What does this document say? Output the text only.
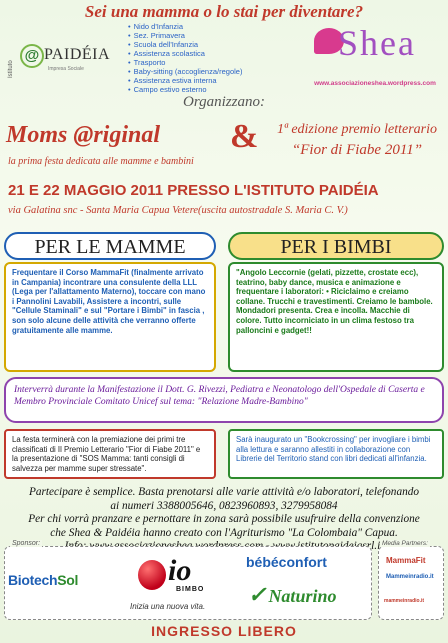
Sei una mamma o lo stai per diventare?
Istituto
@ PAIDÉIA
Impresa Sociale
• Nido d'Infanzia
• Sez. Primavera
• Scuola dell'Infanzia
• Assistenza scolastica
• Trasporto
• Baby-sitting (accoglienza/regole)
• Assistenza estiva interna
• Campo estivo esterno
Shea
www.associazioneshea.wordpress.com
Organizzano:
Moms @riginal
la prima festa dedicata alle mamme e bambini
&	1ª edizione premio letterario
“Fior di Fiabe 2011”
21 E 22 MAGGIO 2011 PRESSO L'ISTITUTO PAIDÉIA
via Galatina snc - Santa Maria Capua Vetere(uscita autostradale S. Maria C. V.)
PER LE MAMME	PER I BIMBI
Frequentare il Corso MammaFit (finalmente arrivato in Campania) incontrare una consulente della LLL (Lega per l'allattamento Materno), toccare con mano i Pannolini Lavabili, Assistere a incontri, sulle "Cellule Staminali" e sul "Portare i Bimbi" in fascia , son solo alcune delle attività che verranno offerte gratuitamente alle mamme.
"Angolo Leccornie (gelati, pizzette, crostate ecc), teatrino, baby dance, musica e animazione e frequentare i laboratori: • Riciclaimo e creiamo collane. Trucchi e travestimenti. Creiamo le bambole. Mondadori presenta. Crea e incolla. Macchie di colore. Tutto incorniciato in un clima festoso tra palloncini e gadget!!
Interverrà durante la Manifestazione il Dott. G. Rivezzi, Pediatra e Neonatologo dell'Ospedale di Caserta e Membro Provinciale Comitato Unicef sul tema: "Relazione Madre-Bambino"
La festa terminerà con la premiazione dei primi tre classificati di Il Premio Letterario "Fior di Fiabe 2011" e la presentazione di "SOS Mamma: tanti consigli di salvezza per mamme super stressate".
Sarà inaugurato un "Bookcrossing" per invogliare i bimbi alla lettura e saranno allestiti in collaborazione con Librerie del Territorio stand con libri dedicati all'infanzia.
Partecipare è semplice. Basta prenotarsi alle varie attività e/o laboratori, telefonando
ai numeri 3388005646, 0823960893, 3279958084
Per chi vorrà pranzare e pernottare in zona sarà possibile usufruire della convenzione
che Shea & Paidéia hanno creato con l'Agriturismo "La Colombaia" Capua.
Sponsor:
BiotechSol	io
BIMBO
Inizia una nuova vita.
bébéconfort
✓ Naturino
Media Partners:
MammaFit
Mammeinradio.it
mammeinradio.it
INGRESSO LIBERO
